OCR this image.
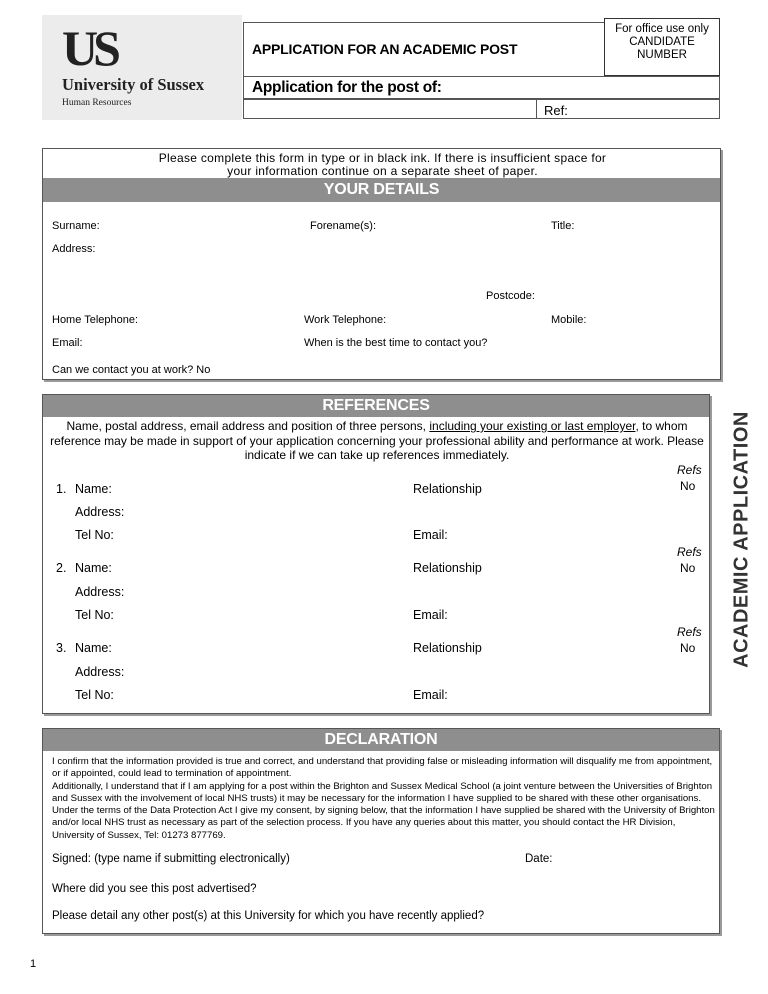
US
University of Sussex
Human Resources
APPLICATION FOR AN ACADEMIC POST
For office use only
CANDIDATE
NUMBER
Application for the post of:
Ref:
Please complete this form in type or in black ink. If there is insufficient space for
your information continue on a separate sheet of paper.
YOUR DETAILS
Surname:	Forename(s):	Title:
Address:
Postcode:
Home Telephone:	Work Telephone:	Mobile:
Email:	When is the best time to contact you?
Can we contact you at work? No
REFERENCES
Name, postal address, email address and position of three persons, including your existing or last employer, to whom reference may be made in support of your application concerning your professional ability and performance at work. Please indicate if we can take up references immediately.
Refs
No
1. Name:	Relationship
Address:
Tel No:	Email:
Refs
No
2. Name:	Relationship
Address:
Tel No:	Email:
Refs
No
3. Name:	Relationship
Address:
Tel No:	Email:
ACADEMIC APPLICATION
DECLARATION
I confirm that the information provided is true and correct, and understand that providing false or misleading information will disqualify me from appointment, or if appointed, could lead to termination of appointment.
Additionally, I understand that if I am applying for a post within the Brighton and Sussex Medical School (a joint venture between the Universities of Brighton and Sussex with the involvement of local NHS trusts) it may be necessary for the information I have supplied to be shared with these other organisations. Under the terms of the Data Protection Act I give my consent, by signing below, that the information I have supplied be shared with the University of Brighton and/or local NHS trust as necessary as part of the selection process. If you have any queries about this matter, you should contact the HR Division, University of Sussex, Tel: 01273 877769.
Signed: (type name if submitting electronically)	Date:
Where did you see this post advertised?
Please detail any other post(s) at this University for which you have recently applied?
1
